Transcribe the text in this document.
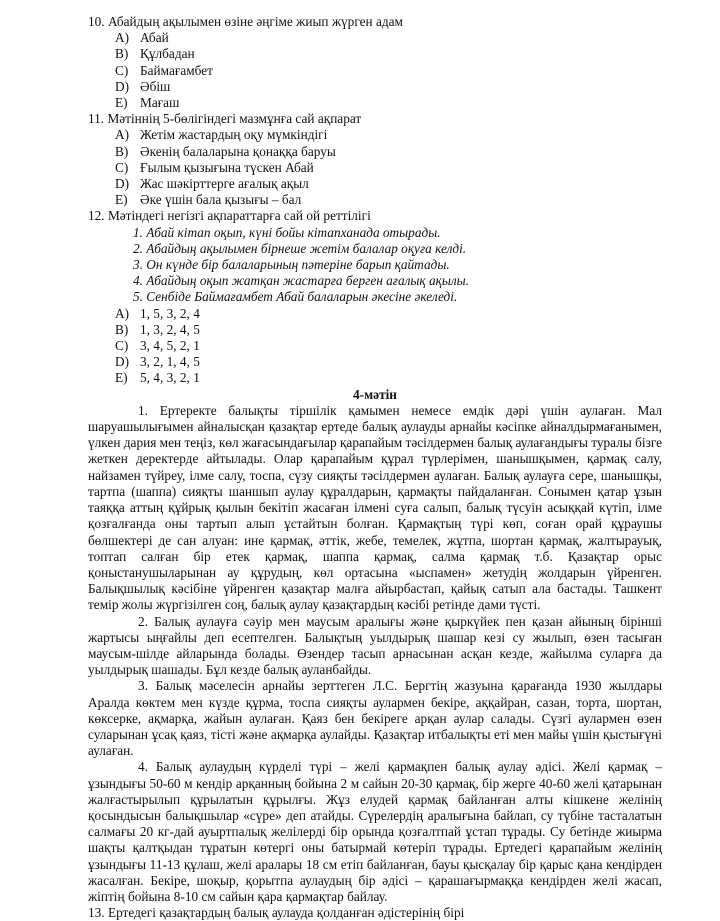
10. Абайдың ақылымен өзіне әңгіме жиып жүрген адам

A) Абай
B) Құлбадан
C) Баймағамбет
D) Әбіш
E) Мағаш

11. Мәтіннің 5-бөлігіндегі мазмұнға сай ақпарат

A) Жетім жастардың оқу мүмкіндігі
B) Әкенің балаларына қонаққа баруы
C) Ғылым қызығына түскен Абай
D) Жас шәкірттерге ағалық ақыл
E) Әке үшін бала қызығы – бал

12. Мәтіндегі негізгі ақпараттарға сай ой реттілігі

1. Абай кітап оқып, күні бойы кітапханада отырады.

2. Абайдың ақылымен бірнеше жетім балалар оқуға келді.

3. Он күнде бір балаларының пәтеріне барып қайтады.

4. Абайдың оқып жатқан жастарға берген ағалық ақылы.

5. Сенбіде Баймағамбет Абай балаларын әкесіне әкеледі.

A) 1, 5, 3, 2, 4
B) 1, 3, 2, 4, 5
C) 3, 4, 5, 2, 1
D) 3, 2, 1, 4, 5
E) 5, 4, 3, 2, 1

4-мәтін

1. Ертеректе балықты тіршілік қамымен немесе емдік дәрі үшін аулаған. Мал шаруашылығымен айналысқан қазақтар ертеде балық аулауды арнайы кәсіпке айналдырмағанымен, үлкен дария мен теңіз, көл жағасындағылар қарапайым тәсілдермен балық аулағандығы туралы бізге жеткен деректерде айтылады. Олар қарапайым құрал түрлерімен, шанышқымен, қармақ салу, найзамен түйреу, ілме салу, тоспа, сүзу сияқты тәсілдермен аулаған. Балық аулауға сере, шанышқы, тартпа (шаппа) сияқты шаншып аулау құралдарын, қармақты пайдаланған. Сонымен қатар ұзын таяққа аттың құйрық қылын бекітіп жасаған ілмені суға салып, балық түсуін асыққай күтіп, ілме қозғалғанда оны тартып алып ұстайтын болған. Қармақтың түрі көп, соған орай құраушы бөлшектері де сан алуан: ине қармақ, әттік, жебе, темелек, жұтпа, шортан қармақ, жалтырауық, топтап салған бір етек қармақ, шаппа қармақ, салма қармақ т.б. Қазақтар орыс қоныстанушыларынан ау құрудың, көл ортасына «ыспамен» жетудің жолдарын үйренген. Балықшылық кәсібіне үйренген қазақтар малға айырбастап, қайық сатып ала бастады. Ташкент темір жолы жүргізілген соң, балық аулау қазақтардың кәсібі ретінде дами түсті.

2. Балық аулауға сәуір мен маусым аралығы және қыркүйек пен қазан айының бірінші жартысы ыңғайлы деп есептелген. Балықтың уылдырық шашар кезі су жылып, өзен тасыған маусым-шілде айларында болады. Өзендер тасып арнасынан асқан кезде, жайылма суларға да уылдырық шашады. Бұл кезде балық ауланбайды.

3. Балық мәселесін арнайы зерттеген Л.С. Бергтің жазуына қарағанда 1930 жылдары Аралда көктем мен күзде құрма, тоспа сияқты аулармен бекіре, аққайран, сазан, торта, шортан, көксерке, ақмарқа, жайын аулаған. Қаяз бен бекіреге арқан аулар салады. Сүзгі аулармен өзен суларынан ұсақ қаяз, тісті және ақмарқа аулайды. Қазақтар итбалықты еті мен майы үшін қыстығүні аулаған.

4. Балық аулаудың күрделі түрі – желі қармақпен балық аулау әдісі. Желі қармақ – ұзындығы 50-60 м кендір арқанның бойына 2 м сайын 20-30 қармақ, бір жерге 40-60 желі қатарынан жалғастырылып құрылатын құрылғы. Жұз елудей қармақ байланған алты кішкене желінің қосындысын балықшылар «сүре» деп атайды. Сүрелердің аралығына байлап, су түбіне тасталатын салмағы 20 кг-дай ауыртпалық желілерді бір орында қозғалтпай ұстап тұрады. Су бетінде жиырма шақты қалтқыдан тұратын көтергі оны батырмай көтеріп тұрады. Ертедегі қарапайым желінің ұзындығы 11-13 құлаш, желі аралары 18 см етіп байланған, бауы қысқалау бір қарыс қана кендірден жасалған. Бекіре, шоқыр, қорытпа аулаудың бір әдісі – қарашағырмаққа кендірден желі жасап, жіптің бойына 8-10 см сайын қара қармақтар байлау.

13. Ертедегі қазақтардың балық аулауда қолданған әдістерінің бірі
